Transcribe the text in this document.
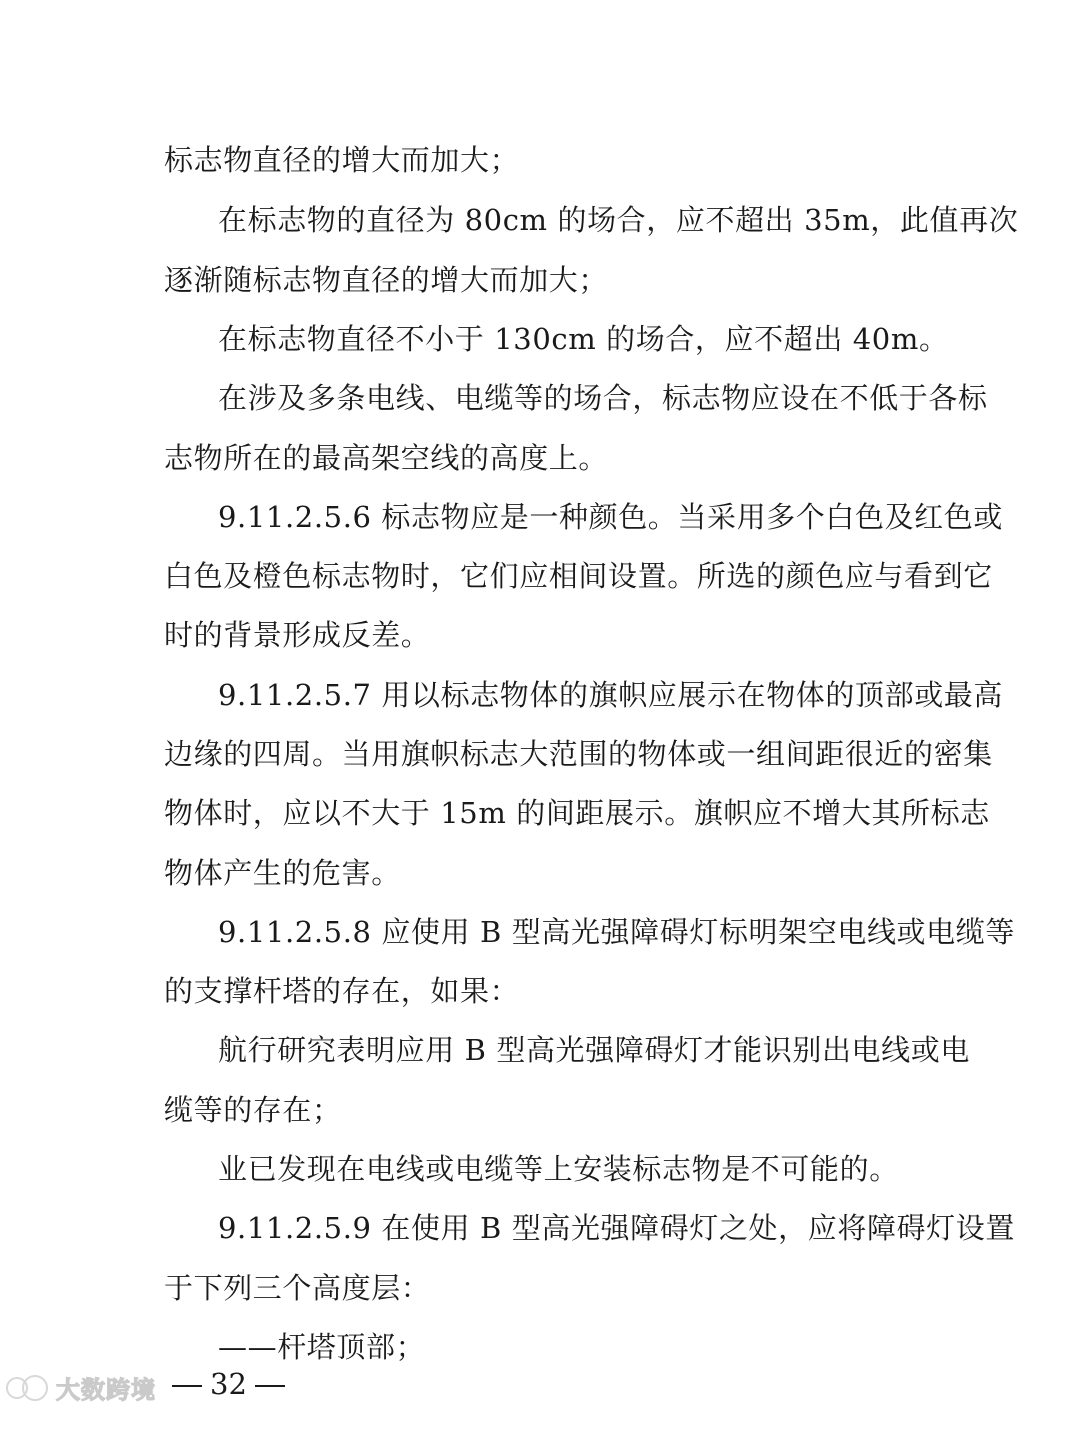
标志物直径的增大而加大；
在标志物的直径为 80cm 的场合，应不超出 35m，此值再次
逐渐随标志物直径的增大而加大；
在标志物直径不小于 130cm 的场合，应不超出 40m。
在涉及多条电线、电缆等的场合，标志物应设在不低于各标
志物所在的最高架空线的高度上。
9.11.2.5.6 标志物应是一种颜色。当采用多个白色及红色或
白色及橙色标志物时，它们应相间设置。所选的颜色应与看到它
时的背景形成反差。
9.11.2.5.7 用以标志物体的旗帜应展示在物体的顶部或最高
边缘的四周。当用旗帜标志大范围的物体或一组间距很近的密集
物体时，应以不大于 15m 的间距展示。旗帜应不增大其所标志
物体产生的危害。
9.11.2.5.8 应使用 B 型高光强障碍灯标明架空电线或电缆等
的支撑杆塔的存在，如果：
航行研究表明应用 B 型高光强障碍灯才能识别出电线或电
缆等的存在；
业已发现在电线或电缆等上安装标志物是不可能的。
9.11.2.5.9 在使用 B 型高光强障碍灯之处，应将障碍灯设置
于下列三个高度层：
——杆塔顶部；
大数跨境	32
